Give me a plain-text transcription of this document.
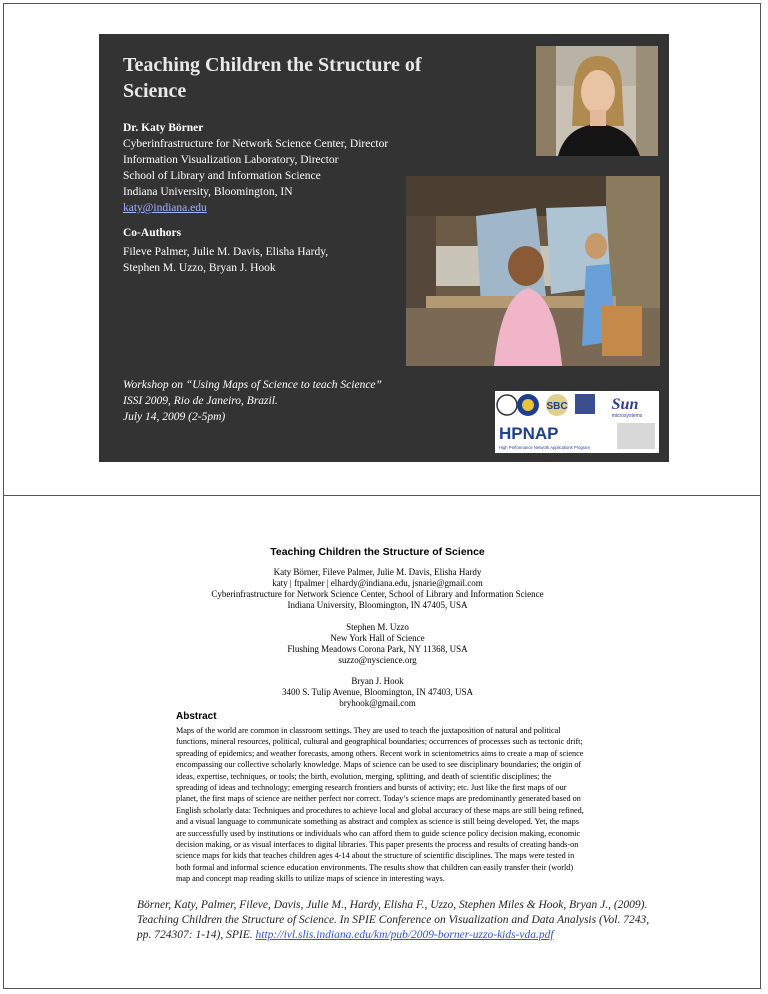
Teaching Children the Structure of Science
Dr. Katy Börner
Cyberinfrastructure for Network Science Center, Director
Information Visualization Laboratory, Director
School of Library and Information Science
Indiana University, Bloomington, IN
katy@indiana.edu
Co-Authors
Fileve Palmer, Julie M. Davis, Elisha Hardy,
Stephen M. Uzzo, Bryan J. Hook
Workshop on “Using Maps of Science to teach Science”
ISSI 2009, Rio de Janeiro, Brazil.
July 14, 2009 (2-5pm)
SBC	Sun
microsystems
HPNAP
High Performance Network Applications Program
Teaching Children the Structure of Science
Katy Börner, Fileve Palmer, Julie M. Davis, Elisha Hardy
katy | ftpalmer | elhardy@indiana.edu, jsnarie@gmail.com
Cyberinfrastructure for Network Science Center, School of Library and Information Science
Indiana University, Bloomington, IN 47405, USA
Stephen M. Uzzo
New York Hall of Science
Flushing Meadows Corona Park, NY 11368, USA
suzzo@nyscience.org
Bryan J. Hook
3400 S. Tulip Avenue, Bloomington, IN 47403, USA
bryhook@gmail.com
Abstract
Maps of the world are common in classroom settings. They are used to teach the juxtaposition of natural and political functions, mineral resources, political, cultural and geographical boundaries; occurrences of processes such as tectonic drift; spreading of epidemics; and weather forecasts, among others. Recent work in scientometrics aims to create a map of science encompassing our collective scholarly knowledge. Maps of science can be used to see disciplinary boundaries; the origin of ideas, expertise, techniques, or tools; the birth, evolution, merging, splitting, and death of scientific disciplines; the spreading of ideas and technology; emerging research frontiers and bursts of activity; etc. Just like the first maps of our planet, the first maps of science are neither perfect nor correct. Today’s science maps are predominantly generated based on English scholarly data: Techniques and procedures to achieve local and global accuracy of these maps are still being refined, and a visual language to communicate something as abstract and complex as science is still being developed. Yet, the maps are successfully used by institutions or individuals who can afford them to guide science policy decision making, economic decision making, or as visual interfaces to digital libraries. This paper presents the process and results of creating hands-on science maps for kids that teaches children ages 4-14 about the structure of scientific disciplines. The maps were tested in both formal and informal science education environments. The results show that children can easily transfer their (world) map and concept map reading skills to utilize maps of science in interesting ways.
Börner, Katy, Palmer, Fileve, Davis, Julie M., Hardy, Elisha F., Uzzo, Stephen Miles & Hook, Bryan J., (2009). Teaching Children the Structure of Science. In SPIE Conference on Visualization and Data Analysis (Vol. 7243, pp. 724307: 1-14), SPIE. http://ivl.slis.indiana.edu/km/pub/2009-borner-uzzo-kids-vda.pdf
